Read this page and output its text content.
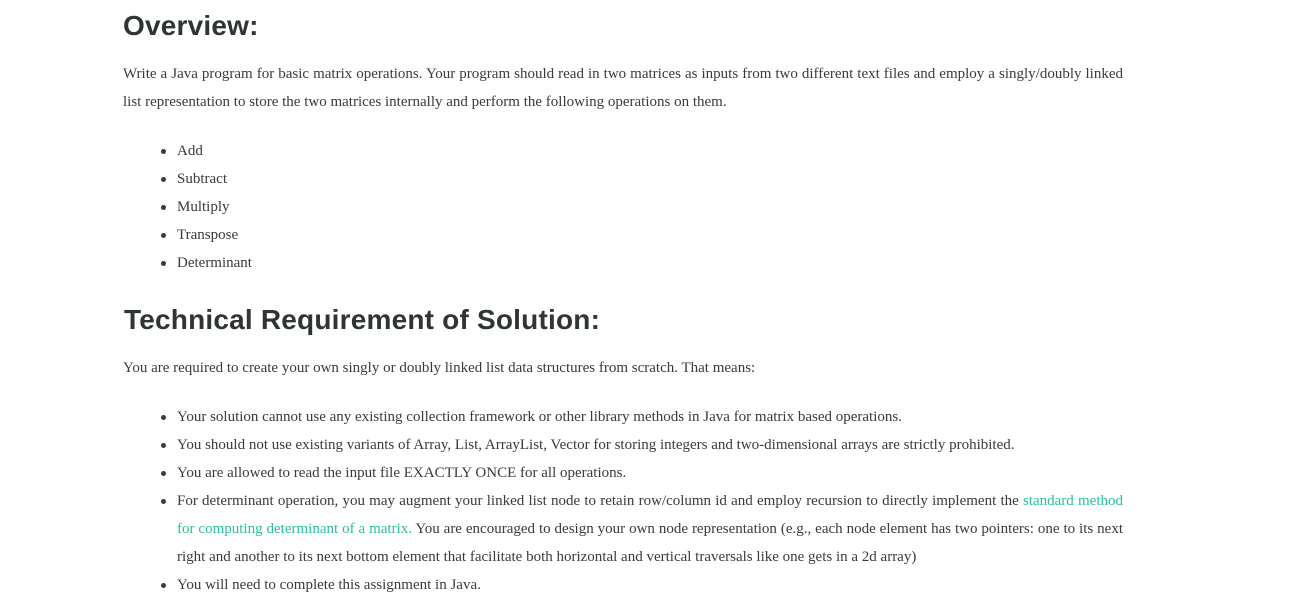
Overview:

Write a Java program for basic matrix operations. Your program should read in two matrices as inputs from two different text files and employ a singly/doubly linked list representation to store the two matrices internally and perform the following operations on them.

Add
Subtract
Multiply
Transpose
Determinant
Technical Requirement of Solution:

You are required to create your own singly or doubly linked list data structures from scratch. That means:

Your solution cannot use any existing collection framework or other library methods in Java for matrix based operations.
You should not use existing variants of Array, List, ArrayList, Vector for storing integers and two-dimensional arrays are strictly prohibited.
You are allowed to read the input file EXACTLY ONCE for all operations.
For determinant operation, you may augment your linked list node to retain row/column id and employ recursion to directly implement the standard method for computing determinant of a matrix. You are encouraged to design your own node representation (e.g., each node element has two pointers: one to its next right and another to its next bottom element that facilitate both horizontal and vertical traversals like one gets in a 2d array)
You will need to complete this assignment in Java.
